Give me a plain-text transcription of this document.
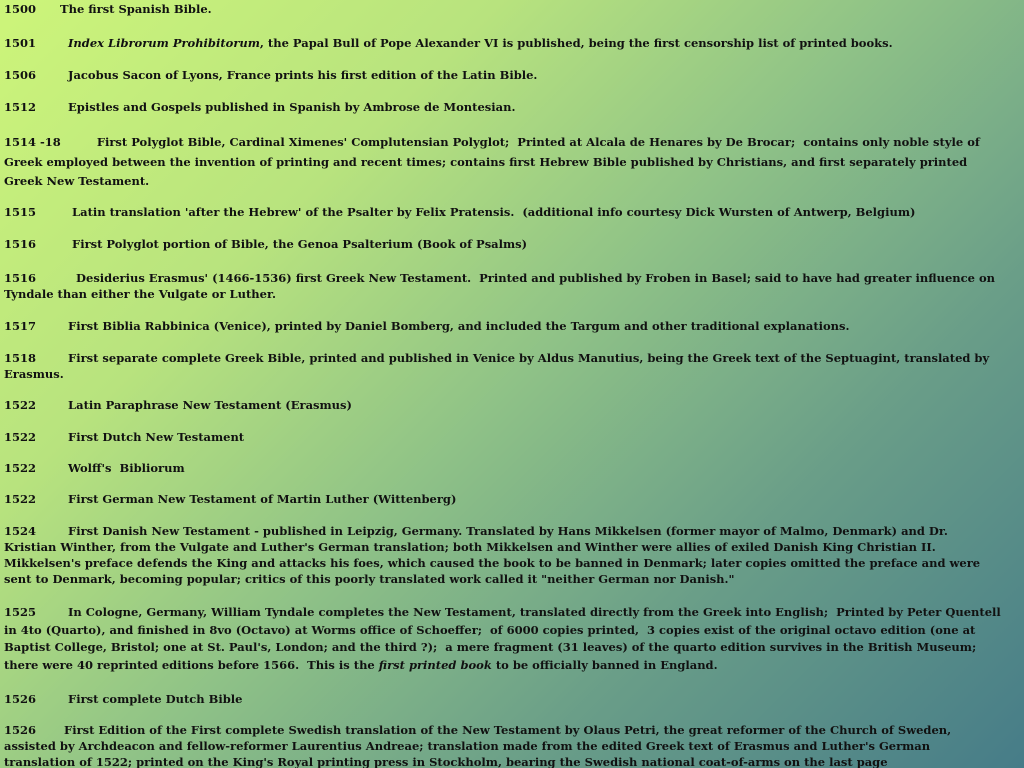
1500      The first Spanish Bible.

1501        Index Librorum Prohibitorum, the Papal Bull of Pope Alexander VI is published, being the first censorship list of printed books.

1506        Jacobus Sacon of Lyons, France prints his first edition of the Latin Bible.

1512        Epistles and Gospels published in Spanish by Ambrose de Montesian.

1514 -18         First Polyglot Bible, Cardinal Ximenes' Complutensian Polyglot;  Printed at Alcala de Henares by De Brocar;  contains only noble style of Greek employed between the invention of printing and recent times; contains first Hebrew Bible published by Christians, and first separately printed Greek New Testament.

1515         Latin translation 'after the Hebrew' of the Psalter by Felix Pratensis.  (additional info courtesy Dick Wursten of Antwerp, Belgium)

1516         First Polyglot portion of Bible, the Genoa Psalterium (Book of Psalms)

1516          Desiderius Erasmus' (1466-1536) first Greek New Testament.  Printed and published by Froben in Basel; said to have had greater influence on Tyndale than either the Vulgate or Luther.

1517        First Biblia Rabbinica (Venice), printed by Daniel Bomberg, and included the Targum and other traditional explanations.

1518        First separate complete Greek Bible, printed and published in Venice by Aldus Manutius, being the Greek text of the Septuagint, translated by Erasmus.

1522        Latin Paraphrase New Testament (Erasmus)

1522        First Dutch New Testament

1522        Wolff's  Bibliorum

1522        First German New Testament of Martin Luther (Wittenberg)

1524        First Danish New Testament - published in Leipzig, Germany. Translated by Hans Mikkelsen (former mayor of Malmo, Denmark) and Dr. Kristian Winther, from the Vulgate and Luther's German translation; both Mikkelsen and Winther were allies of exiled Danish King Christian II. Mikkelsen's preface defends the King and attacks his foes, which caused the book to be banned in Denmark; later copies omitted the preface and were sent to Denmark, becoming popular; critics of this poorly translated work called it "neither German nor Danish."

1525        In Cologne, Germany, William Tyndale completes the New Testament, translated directly from the Greek into English;  Printed by Peter Quentell in 4to (Quarto), and finished in 8vo (Octavo) at Worms office of Schoeffer;  of 6000 copies printed,  3 copies exist of the original octavo edition (one at Baptist College, Bristol; one at St. Paul's, London; and the third ?);  a mere fragment (31 leaves) of the quarto edition survives in the British Museum;  there were 40 reprinted editions before 1566.  This is the first printed book to be officially banned in England.

1526        First complete Dutch Bible

1526       First Edition of the First complete Swedish translation of the New Testament by Olaus Petri, the great reformer of the Church of Sweden, assisted by Archdeacon and fellow-reformer Laurentius Andreae; translation made from the edited Greek text of Erasmus and Luther's German translation of 1522; printed on the King's Royal printing press in Stockholm, bearing the Swedish national coat-of-arms on the last page
